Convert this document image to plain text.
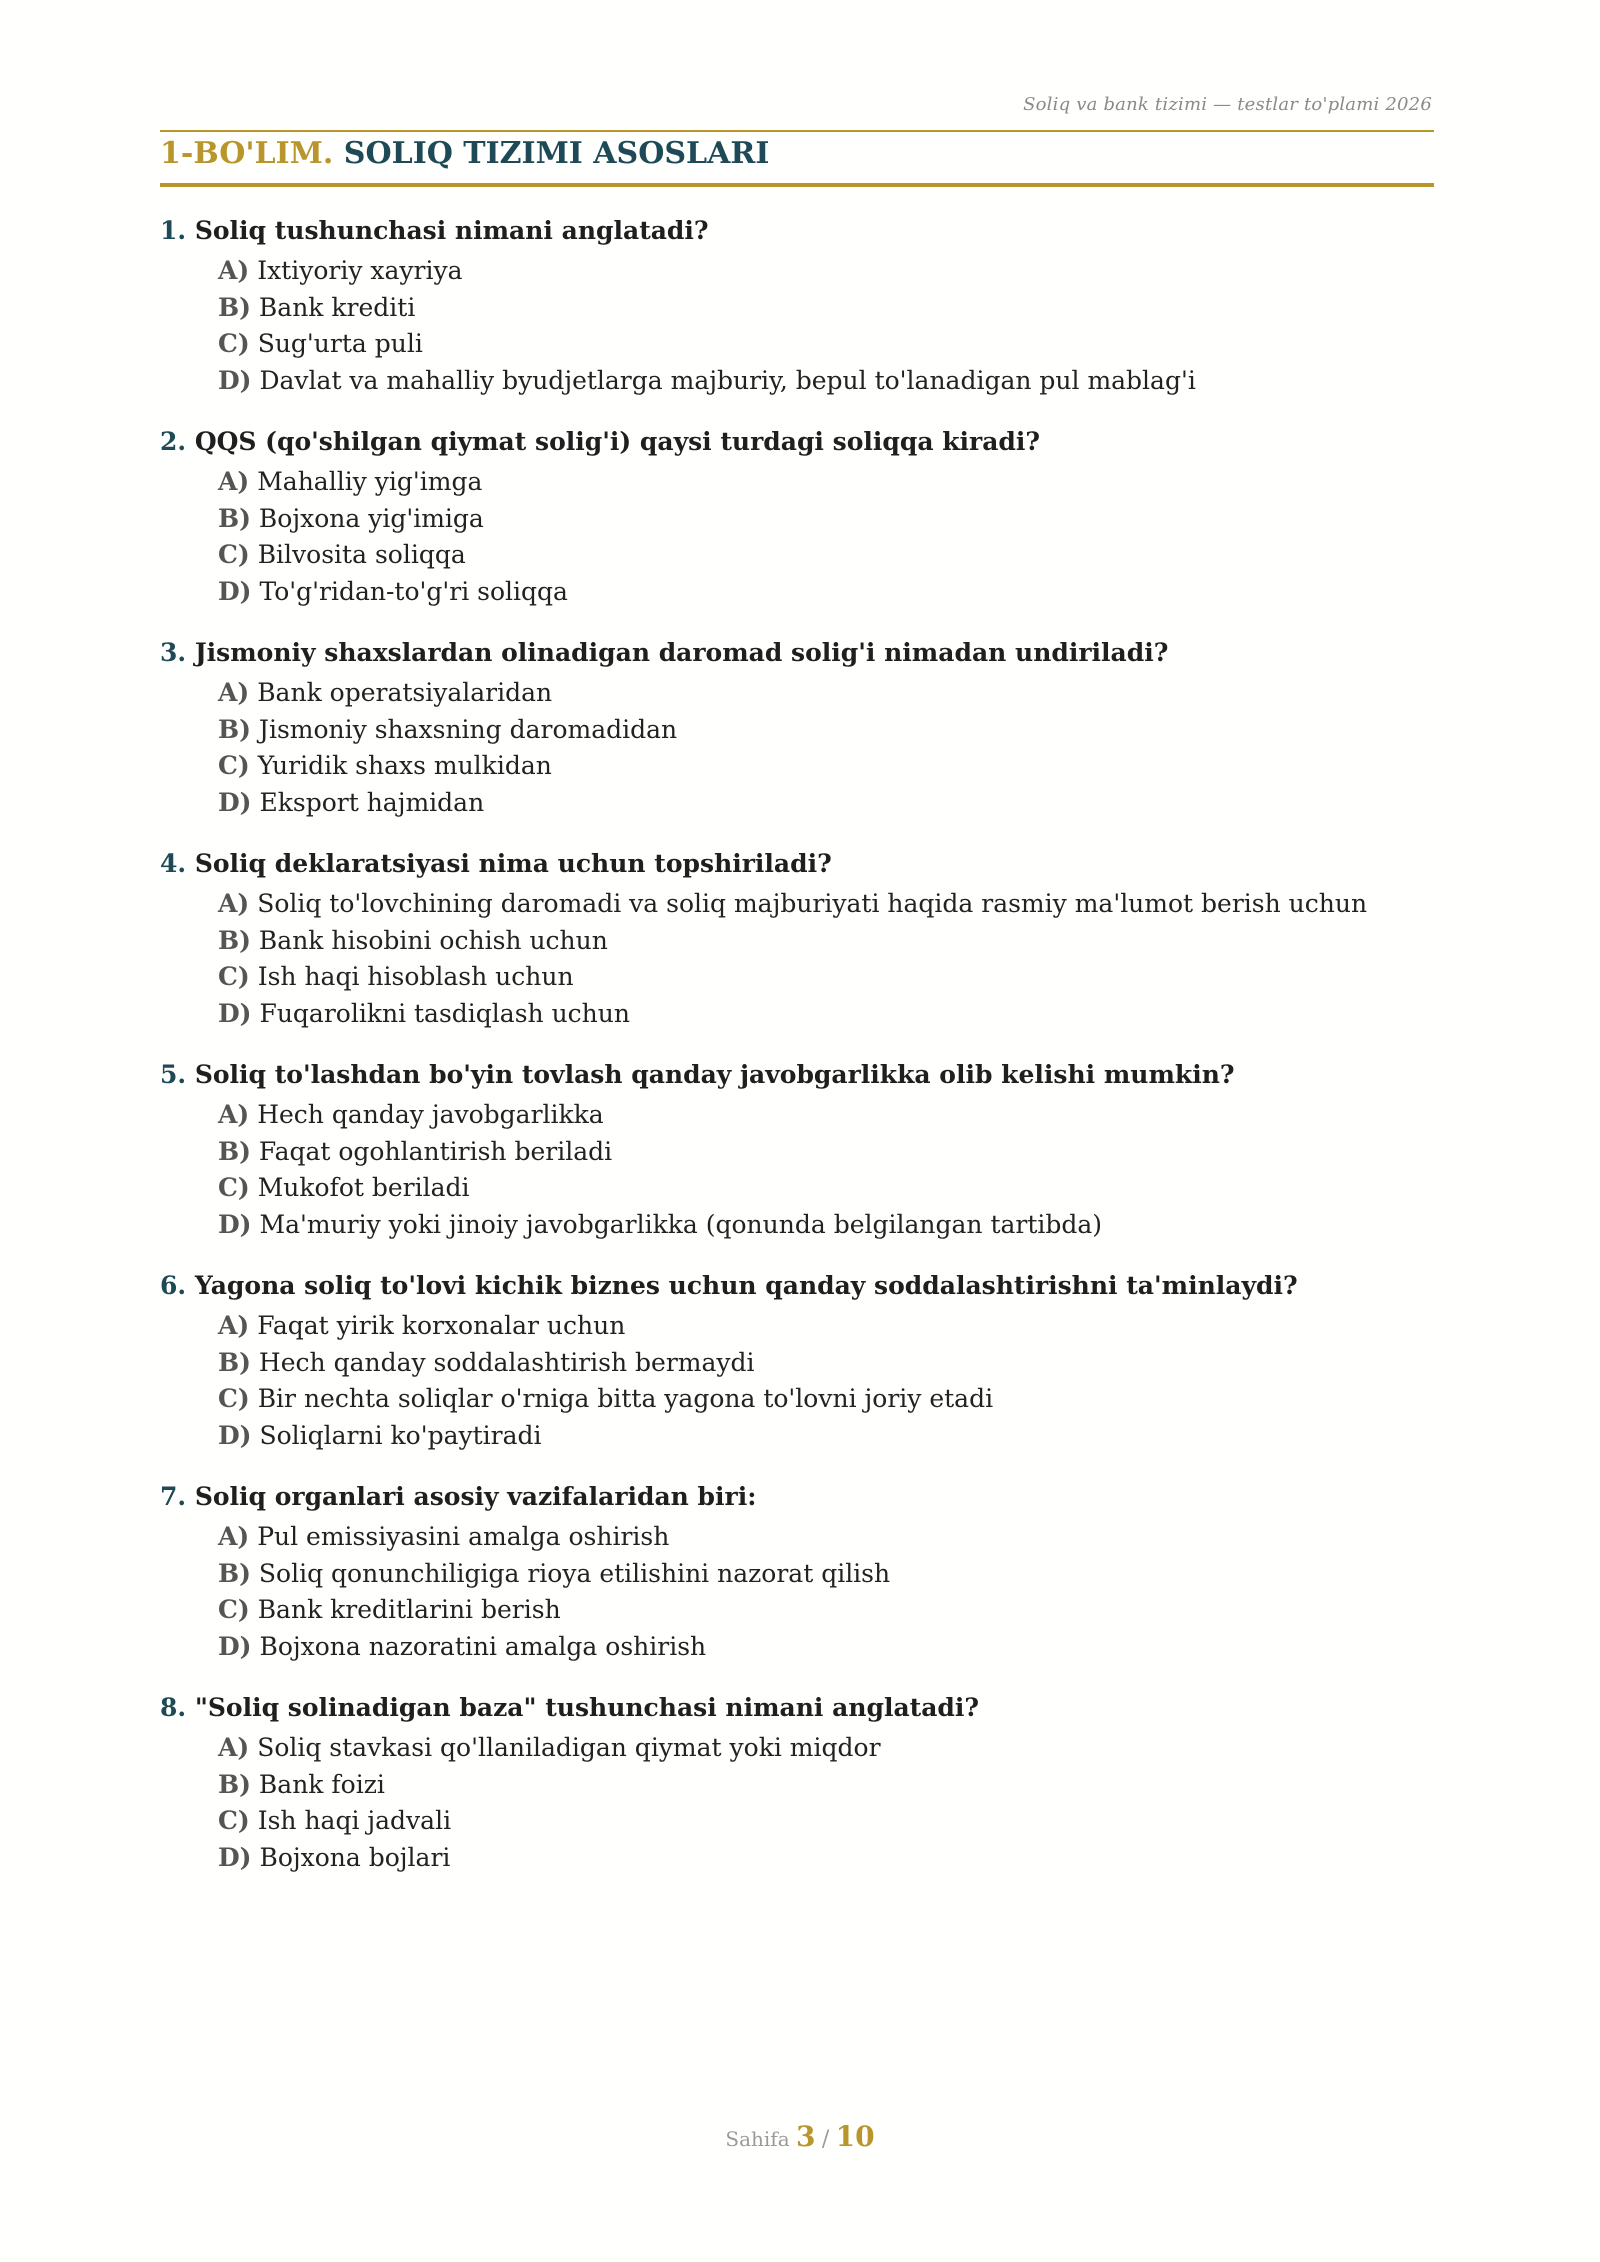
Soliq va bank tizimi — testlar to'plami 2026
1-BO'LIM. SOLIQ TIZIMI ASOSLARI
1. Soliq tushunchasi nimani anglatadi?
A) Ixtiyoriy xayriya
B) Bank krediti
C) Sug'urta puli
D) Davlat va mahalliy byudjetlarga majburiy, bepul to'lanadigan pul mablag'i
2. QQS (qo'shilgan qiymat solig'i) qaysi turdagi soliqqa kiradi?
A) Mahalliy yig'imga
B) Bojxona yig'imiga
C) Bilvosita soliqqa
D) To'g'ridan-to'g'ri soliqqa
3. Jismoniy shaxslardan olinadigan daromad solig'i nimadan undiriladi?
A) Bank operatsiyalaridan
B) Jismoniy shaxsning daromadidan
C) Yuridik shaxs mulkidan
D) Eksport hajmidan
4. Soliq deklaratsiyasi nima uchun topshiriladi?
A) Soliq to'lovchining daromadi va soliq majburiyati haqida rasmiy ma'lumot berish uchun
B) Bank hisobini ochish uchun
C) Ish haqi hisoblash uchun
D) Fuqarolikni tasdiqlash uchun
5. Soliq to'lashdan bo'yin tovlash qanday javobgarlikka olib kelishi mumkin?
A) Hech qanday javobgarlikka
B) Faqat ogohlantirish beriladi
C) Mukofot beriladi
D) Ma'muriy yoki jinoiy javobgarlikka (qonunda belgilangan tartibda)
6. Yagona soliq to'lovi kichik biznes uchun qanday soddalashtirishni ta'minlaydi?
A) Faqat yirik korxonalar uchun
B) Hech qanday soddalashtirish bermaydi
C) Bir nechta soliqlar o'rniga bitta yagona to'lovni joriy etadi
D) Soliqlarni ko'paytiradi
7. Soliq organlari asosiy vazifalaridan biri:
A) Pul emissiyasini amalga oshirish
B) Soliq qonunchiligiga rioya etilishini nazorat qilish
C) Bank kreditlarini berish
D) Bojxona nazoratini amalga oshirish
8. "Soliq solinadigan baza" tushunchasi nimani anglatadi?
A) Soliq stavkasi qo'llaniladigan qiymat yoki miqdor
B) Bank foizi
C) Ish haqi jadvali
D) Bojxona bojlari
Sahifa 3 / 10
